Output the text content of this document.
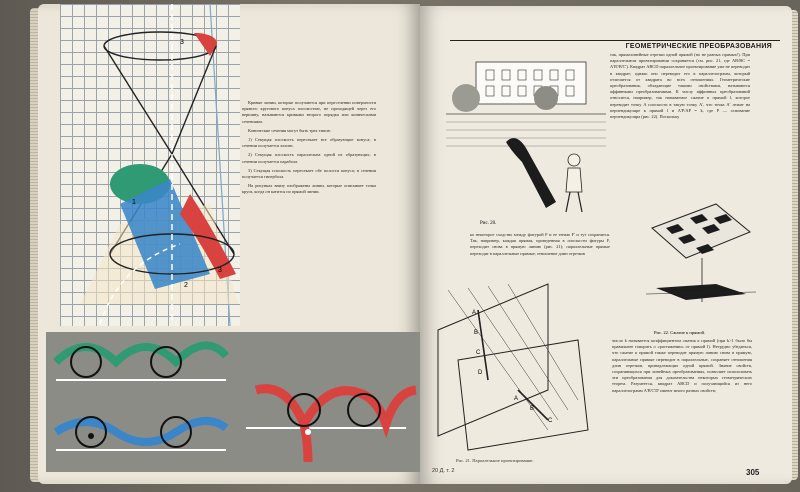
3
1
2
3

Кривые линии, которые получаются при пересечении поверхности прямого кругового конуса плоскостью, не проходящей через его вершину, называются кривыми второго порядка или коническими сечениями.

Конические сечения могут быть трех типов:

1) Секущая плоскость пересекает все образующие конуса; в сечении получается эллипс.

2) Секущая плоскость параллельна одной из образующих; в сечении получается парабола.

3) Секущая плоскость пересекает обе полости конуса; в сечении получается гипербола.

На рисунках внизу изображены линии, которые описывает точка круга, когда он катится по прямой линии.

ГЕОМЕТРИЧЕСКИЕ ПРЕОБРАЗОВАНИЯ
Рис. 20.
так, прямолинейные отрезки одной прямой (но не разных прямых!). При параллельном проектировании сохраняется (см. рис. 21, где AB/BC = A'B'/B'C'). Квадрат ABCD параллельное проектирование уже не переводит в квадрат; однако оно переводит его в параллелограмм, который отличается от квадрата во всех отношениях. Геометрические преобразования, обладающие такими свойствами, называются аффинными преобразованиями. К числу аффинных преобразований относится, например, так называемое сжатие к прямой l, которое переводит точку A плоскости в такую точку A', что точка A' лежит на перпендикуляре к прямой l и A'P/AP = k, где P — основание перпендикуляра (рис. 22). Поскольку
ко некоторое сходство между фигурой F и ее тенью F' и тут сохранится. Так, например, каждая прямая, проведенная в плоскости фигуры F, переходит снова в прямую линию (рис. 21); параллельные прямые переходят в параллельные прямые; отношение длин отрезков
Рис. 22. Сжатие к прямой.
A
B
C
D
A
B
C
Рис. 21. Параллельное проектирование.
число k называется коэффициентом сжатия к прямой (при k>1 было бы правильнее говорить о «растяжении» от прямой l). Нетрудно убедиться, что сжатие к прямой также переводит прямую линию снова в прямую, параллельные прямые переводит в параллельные, сохраняет отношения длин отрезков, принадлежащих одной прямой. Знание свойств, сохраняющихся при линейных преобразованиях, позволяет использовать эти преобразования для доказательства некоторых геометрических теорем. Разумеется, квадрат ABCD и получающийся из него параллелограмм A'B'C'D' имеют много разных свойств;
20 Д. т. 2	305
